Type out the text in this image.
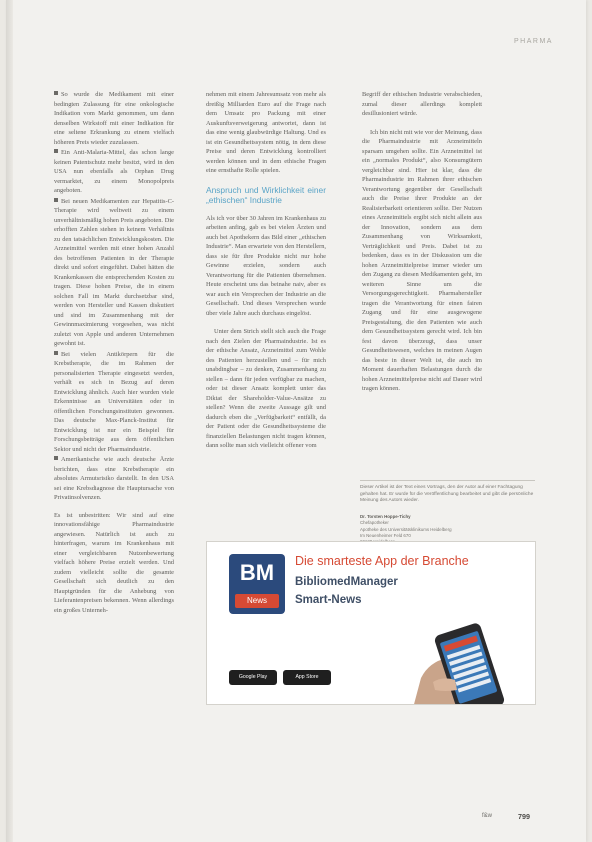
PHARMA

So wurde die Medikament mit einer bedingten Zulassung für eine onkologische Indikation vom Markt genommen, um dann denselben Wirkstoff mit einer Indikation für eine seltene Erkrankung zu einem vielfach höheren Preis wieder zuzulassen.

Ein Anti-Malaria-Mittel, das schon lange keinen Patentschutz mehr besitzt, wird in den USA nun ebenfalls als Orphan Drug vermarktet, zu einem Monopolpreis angeboten.

Bei neuen Medikamenten zur Hepatitis-C-Therapie wird weltweit zu einem unverhältnismäßig hohen Preis angeboten. Die erhofften Zahlen stehen in keinem Verhältnis zu den tatsächlichen Entwicklungskosten. Die Arzneimittel werden mit einer hohen Anzahl des betroffenen Patienten in der Therapie direkt und sofort eingeführt. Dabei hätten die Krankenkassen die entsprechenden Kosten zu tragen. Diese hohen Preise, die in einem solchen Fall im Markt durchsetzbar sind, werden von Hersteller und Kassen diskutiert und sind im Zusammenhang mit der Gewinnmaximierung vorgesehen, was nicht zuletzt von Apple und anderen Unternehmen gewohnt ist.

Bei vielen Antikörpern für die Krebstherapie, die im Rahmen der personalisierten Therapie eingesetzt werden, verhält es sich in Bezug auf deren Entwicklung ähnlich. Auch hier wurden viele Erkenntnisse an Universitäten oder in öffentlichen Forschungsinstituten gewonnen. Das deutsche Max-Planck-Institut für Entwicklung ist nur ein Beispiel für Forschungsbeiträge aus dem öffentlichen Sektor und nicht der Pharmaindustrie.

Amerikanische wie auch deutsche Ärzte berichten, dass eine Krebstherapie ein absolutes Armutsrisiko darstellt. In den USA sei eine Krebsdiagnose die Hauptursache von Privatinsolvenzen.

Es ist unbestritten: Wir sind auf eine innovationsfähige Pharmaindustrie angewiesen. Natürlich ist auch zu hinterfragen, warum im Krankenhaus mit einer vergleichbaren Nutzenbewertung vielfach höhere Preise erzielt werden. Und zudem vielleicht sollte die gesamte Gesellschaft sich deutlich zu den Hauptgründen für die Anhebung von Lieferantenpreisen bekennen. Wenn allerdings ein großes Unterneh-

nehmen mit einem Jahresumsatz von mehr als dreißig Milliarden Euro auf die Frage nach dem Umsatz pro Packung mit einer Auskunftsverweigerung antwortet, dann ist das eine wenig glaubwürdige Haltung. Und es ist ein Gesundheitssystem nötig, in dem diese Preise und deren Entwicklung kontrolliert werden können und in dem ethische Fragen eine ernsthafte Rolle spielen.

Anspruch und Wirklichkeit einer „ethischen“ Industrie

Als ich vor über 30 Jahren im Krankenhaus zu arbeiten anfing, gab es bei vielen Ärzten und auch bei Apothekern das Bild einer „ethischen Industrie“. Man erwartete von den Herstellern, dass sie für ihre Produkte nicht nur hohe Gewinne erzielen, sondern auch Verantwortung für die Patienten übernehmen. Heute erscheint uns das beinahe naiv, aber es war auch ein Versprechen der Industrie an die Gesellschaft. Und dieses Versprechen wurde über viele Jahre auch durchaus eingelöst.

Unter dem Strich stellt sich auch die Frage nach den Zielen der Pharmaindustrie. Ist es der ethische Ansatz, Arzneimittel zum Wohle des Patienten herzustellen und – für mich unabdingbar – zu denken, Zusammenhang zu stellen – dann für jeden verfügbar zu machen, oder ist dieser Ansatz komplett unter das Diktat der Shareholder-Value-Ansätze zu stellen? Wenn die zweite Aussage gilt und dadurch eben die „Verfügbarkeit“ entfällt, da der Patient oder die Gesundheitssysteme die finanziellen Belastungen nicht tragen können, dann sollte man sich vielleicht offener vom

Begriff der ethischen Industrie verabschieden, zumal dieser allerdings komplett desillusioniert würde.

Ich bin nicht mit wie vor der Meinung, dass die Pharmaindustrie mit Arzneimitteln sparsam umgehen sollte. Ein Arzneimittel ist ein „normales Produkt“, also Konsumgütern vergleichbar sind. Hier ist klar, dass die Pharmaindustrie im Rahmen ihrer ethischen Verantwortung gegenüber der Gesellschaft auch die Preise ihrer Produkte an der Realisierbarkeit orientieren sollte. Der Nutzen eines Arzneimittels ergibt sich nicht allein aus der Innovation, sondern aus dem Zusammenhang von Wirksamkeit, Verträglichkeit und Preis. Dabei ist zu bedenken, dass es in der Diskussion um die hohen Arzneimittelpreise immer wieder um den Zugang zu diesen Medikamenten geht, im weiteren Sinne um die Versorgungsgerechtigkeit. Pharmahersteller tragen die Verantwortung für einen fairen Zugang und für eine ausgewogene Preisgestaltung, die den Patienten wie auch dem Gesundheitssystem gerecht wird. Ich bin fest davon überzeugt, dass unser Gesundheitswesen, welches in meinen Augen das beste in dieser Welt ist, die auch im Moment dauerhaften Belastungen durch die hohen Arzneimittelpreise nicht auf Dauer wird tragen können.

Dieser Artikel ist der Text eines Vortrags, den der Autor auf einer Fachtagung gehalten hat. Er wurde für die Veröffentlichung bearbeitet und gibt die persönliche Meinung des Autors wieder.
Dr. Torsten Hoppe-Tichy
Chefapotheker
Apotheke des Universitätsklinikums Heidelberg
Im Neuenheimer Feld 670
BM
News
Die smarteste App der Branche
BibliomedManager
Smart-News
Google Play	App Store
f&w	799
